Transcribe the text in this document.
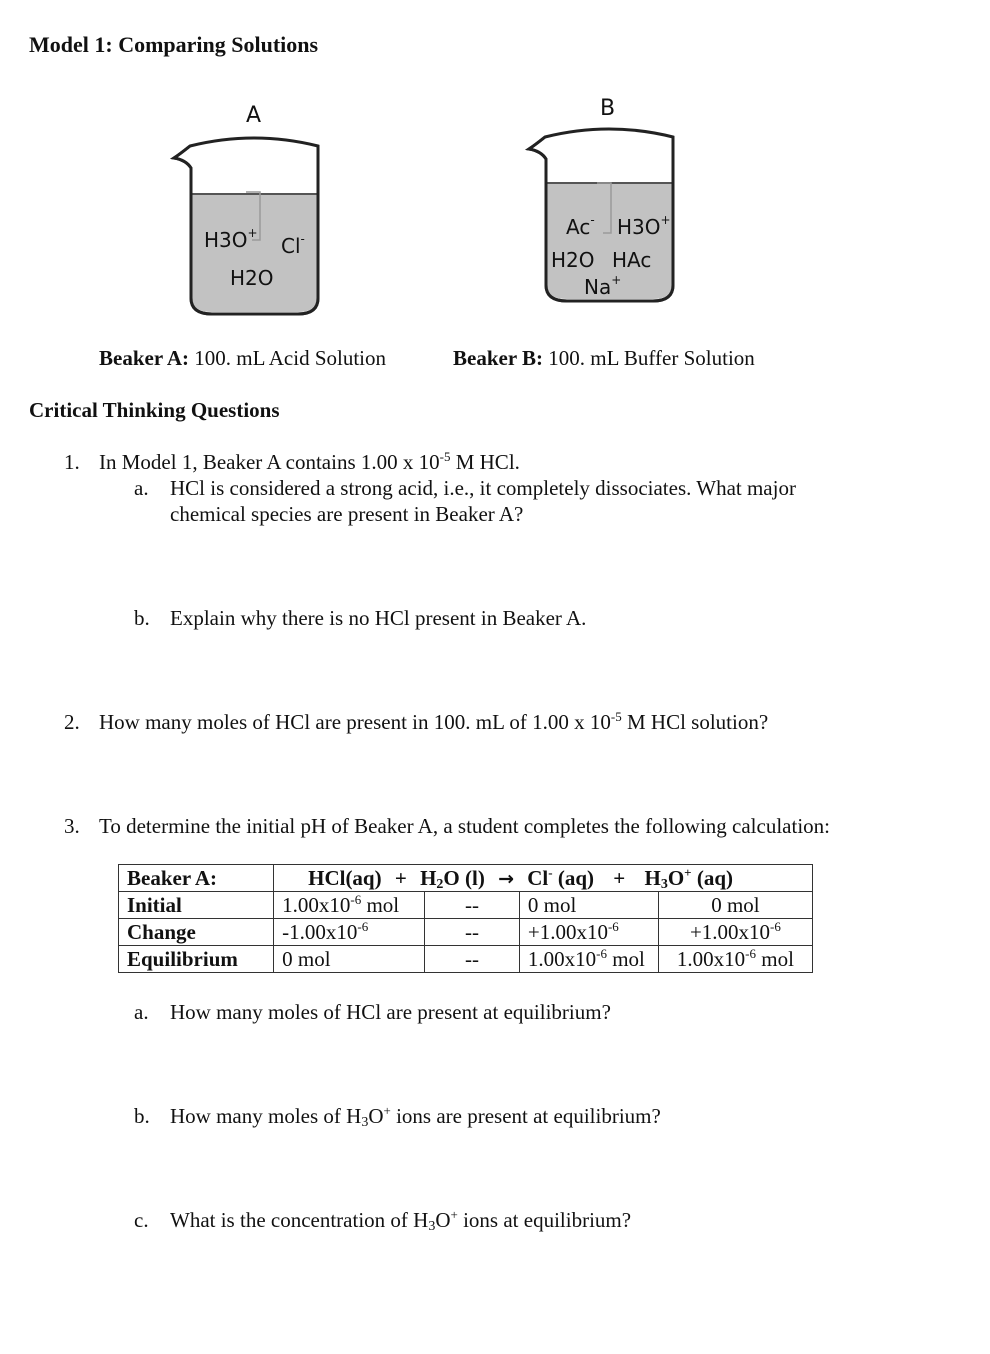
Model 1: Comparing Solutions
A
H3O+
Cl-
H2O
B
Ac- H3O+
H2O HAc
Na+
Beaker A: 100. mL Acid Solution	Beaker B: 100. mL Buffer Solution
Critical Thinking Questions
1. In Model 1, Beaker A contains 1.00 x $10^{-5}$ M HCl.
a. HCl is considered a strong acid, i.e., it completely dissociates. What major
chemical species are present in Beaker A?
b. Explain why there is no HCl present in Beaker A.
2. How many moles of HCl are present in 100. mL of 1.00 x $10^{-5}$ M HCl solution?
3. To determine the initial pH of Beaker A, a student completes the following calculation:
Beaker A:	$HCl(aq) + H_2O$ (l) → Cl- $(aq) + H_3O^+$ (aq)			
Initial	$1.00x10^{-6}$ mol	--	0 mol	0 mol
Change	$-1.00x10^{-6}$	--	$+1.00x10^{-6}$	$+1.00x10^{-6}$
Equilibrium	0 mol	--	$1.00x10^{-6}$ mol	$1.00x10^{-6}$ mol
a. How many moles of HCl are present at equilibrium?
b. How many moles of $H_3O^+$ ions are present at equilibrium?
c. What is the concentration of $H_3O^+$ ions at equilibrium?
